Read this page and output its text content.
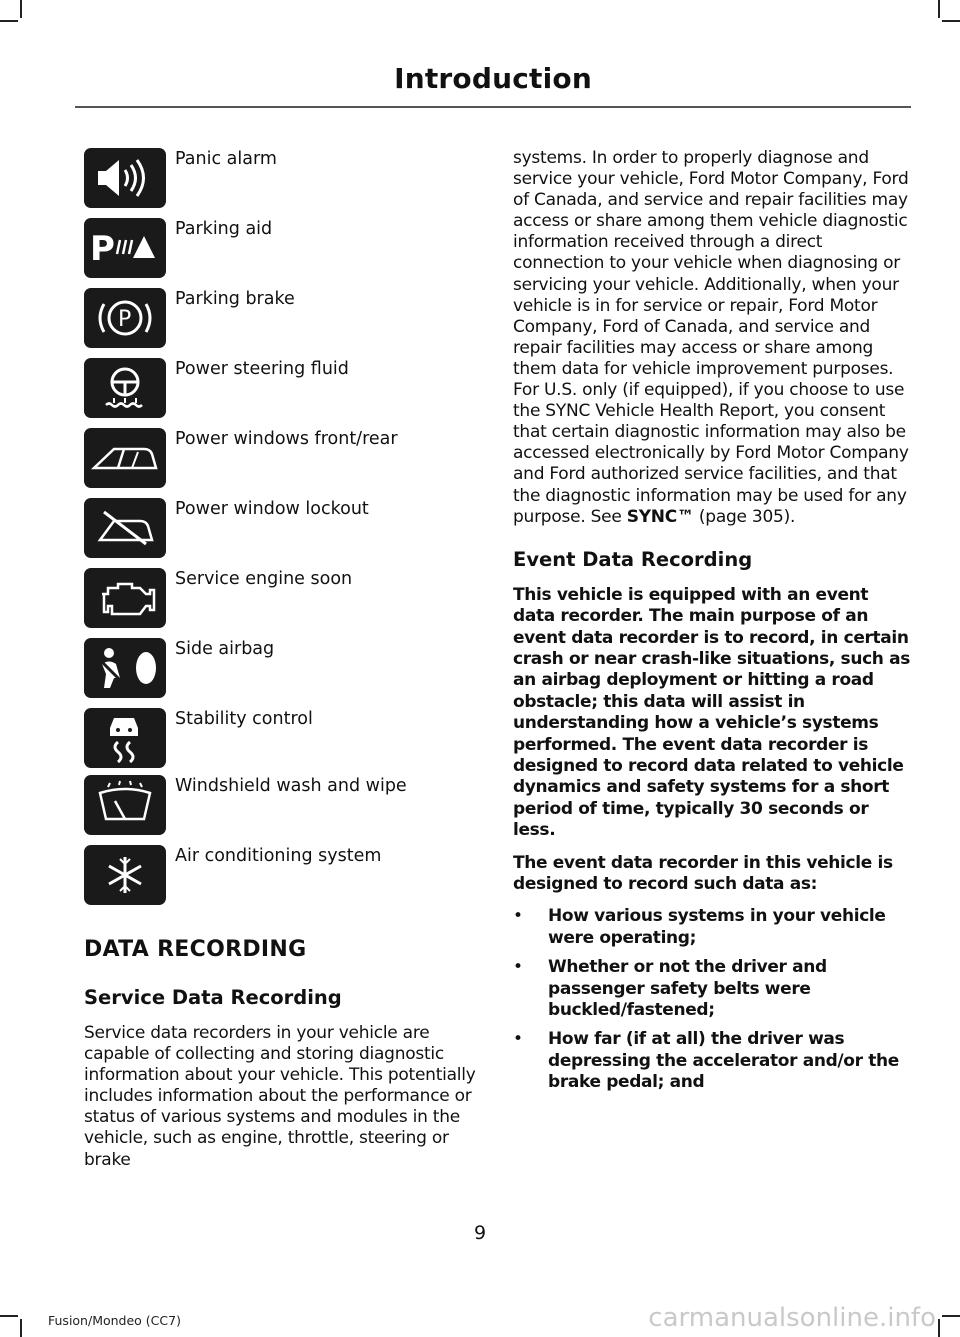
Introduction
Panic alarm
P	Parking aid
P
Parking brake
Power steering fluid
Power windows front/rear
Power window lockout
Service engine soon
Side airbag
Stability control
Windshield wash and wipe
Air conditioning system
DATA RECORDING
Service Data Recording

Service data recorders in your vehicle are capable of collecting and storing diagnostic information about your vehicle. This potentially includes information about the performance or status of various systems and modules in the vehicle, such as engine, throttle, steering or brake

systems. In order to properly diagnose and service your vehicle, Ford Motor Company, Ford of Canada, and service and repair facilities may access or share among them vehicle diagnostic information received through a direct connection to your vehicle when diagnosing or servicing your vehicle. Additionally, when your vehicle is in for service or repair, Ford Motor Company, Ford of Canada, and service and repair facilities may access or share among them data for vehicle improvement purposes. For U.S. only (if equipped), if you choose to use the SYNC Vehicle Health Report, you consent that certain diagnostic information may also be accessed electronically by Ford Motor Company and Ford authorized service facilities, and that the diagnostic information may be used for any purpose. See SYNC™ (page 305).

Event Data Recording

This vehicle is equipped with an event data recorder. The main purpose of an event data recorder is to record, in certain crash or near crash-like situations, such as an airbag deployment or hitting a road obstacle; this data will assist in understanding how a vehicle’s systems performed. The event data recorder is designed to record data related to vehicle dynamics and safety systems for a short period of time, typically 30 seconds or less.

The event data recorder in this vehicle is designed to record such data as:

• How various systems in your vehicle were operating;
• Whether or not the driver and passenger safety belts were buckled/fastened;
• How far (if at all) the driver was depressing the accelerator and/or the brake pedal; and
9
Fusion/Mondeo (CC7)	carmanualsonline.info
